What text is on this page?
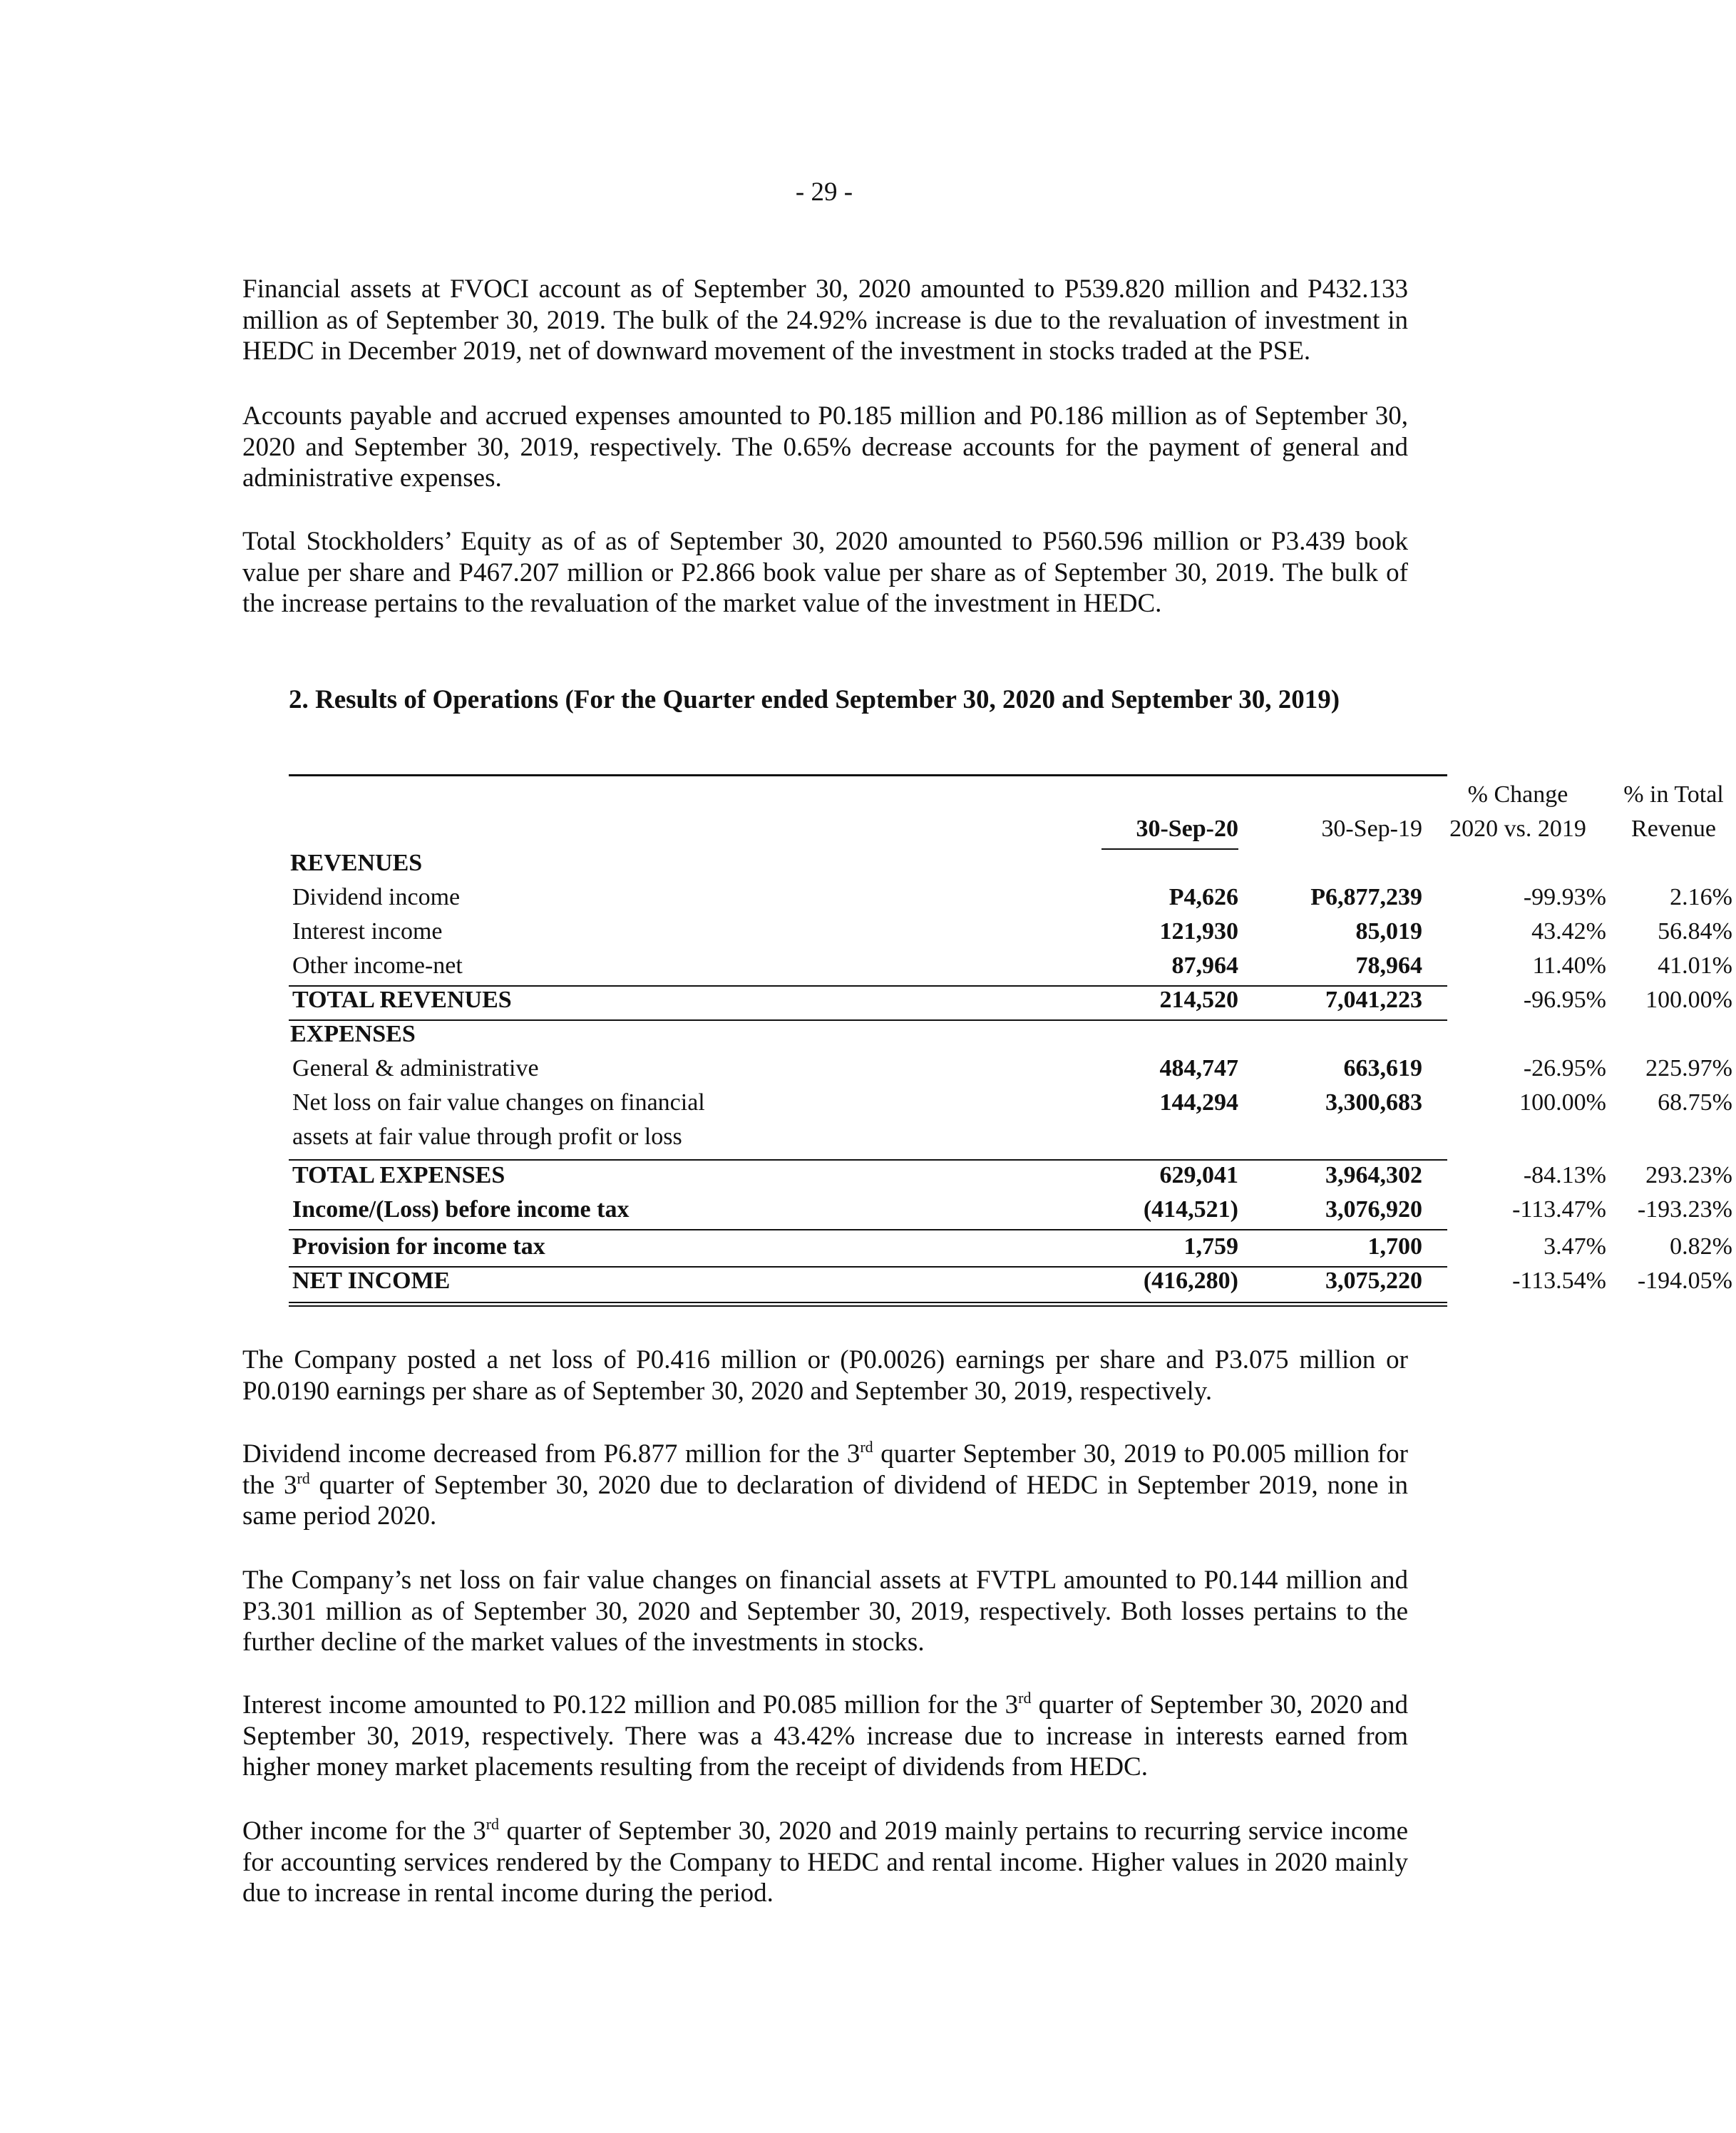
- 29 -

Financial assets at FVOCI account as of September 30, 2020 amounted to P539.820 million and P432.133 million as of September 30, 2019. The bulk of the 24.92% increase is due to the revaluation of investment in HEDC in December 2019, net of downward movement of the investment in stocks traded at the PSE.

Accounts payable and accrued expenses amounted to P0.185 million and P0.186 million as of September 30, 2020 and September 30, 2019, respectively. The 0.65% decrease accounts for the payment of general and administrative expenses.

Total Stockholders’ Equity as of as of September 30, 2020 amounted to P560.596 million or P3.439 book value per share and P467.207 million or P2.866 book value per share as of September 30, 2019. The bulk of the increase pertains to the revaluation of the market value of the investment in HEDC.

2. Results of Operations (For the Quarter ended September 30, 2020 and September 30, 2019)
% Change	% in Total
30-Sep-20	30-Sep-19	2020 vs. 2019	Revenue
REVENUES
Dividend income	P4,626	P6,877,239	-99.93%	2.16%
Interest income	121,930	85,019	43.42%	56.84%
Other income-net	87,964	78,964	11.40%	41.01%
TOTAL REVENUES	214,520	7,041,223	-96.95%	100.00%
EXPENSES
General & administrative	484,747	663,619	-26.95%	225.97%
Net loss on fair value changes on financial	144,294	3,300,683	100.00%	68.75%
assets at fair value through profit or loss
TOTAL EXPENSES	629,041	3,964,302	-84.13%	293.23%
Income/(Loss) before income tax	(414,521)	3,076,920	-113.47%	-193.23%
Provision for income tax	1,759	1,700	3.47%	0.82%
NET INCOME	(416,280)	3,075,220	-113.54%	-194.05%

The Company posted a net loss of P0.416 million or (P0.0026) earnings per share and P3.075 million or P0.0190 earnings per share as of September 30, 2020 and September 30, 2019, respectively.

Dividend income decreased from P6.877 million for the 3rd quarter September 30, 2019 to P0.005 million for the 3rd quarter of September 30, 2020 due to declaration of dividend of HEDC in September 2019, none in same period 2020.

The Company’s net loss on fair value changes on financial assets at FVTPL amounted to P0.144 million and P3.301 million as of September 30, 2020 and September 30, 2019, respectively. Both losses pertains to the further decline of the market values of the investments in stocks.

Interest income amounted to P0.122 million and P0.085 million for the 3rd quarter of September 30, 2020 and September 30, 2019, respectively. There was a 43.42% increase due to increase in interests earned from higher money market placements resulting from the receipt of dividends from HEDC.

Other income for the 3rd quarter of September 30, 2020 and 2019 mainly pertains to recurring service income for accounting services rendered by the Company to HEDC and rental income. Higher values in 2020 mainly due to increase in rental income during the period.
